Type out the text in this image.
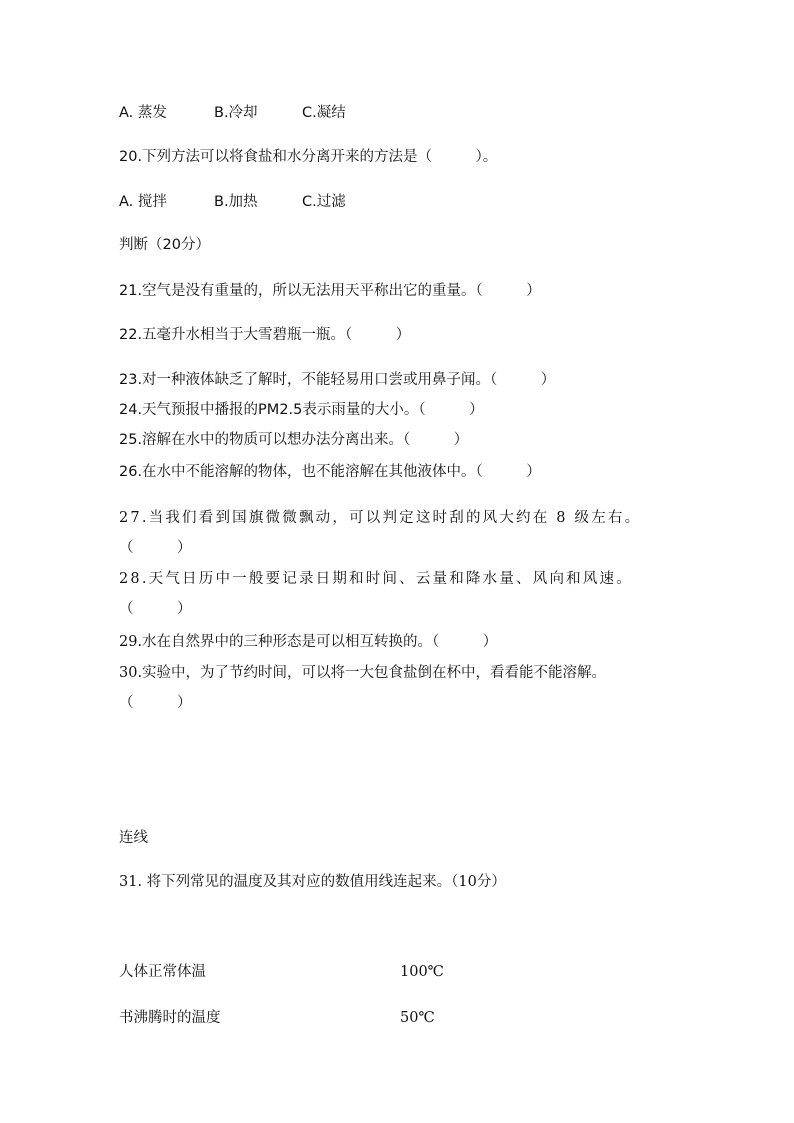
A. 蒸发	B.冷却	C.凝结
20.下列方法可以将食盐和水分离开来的方法是（　　　）。
A. 搅拌	B.加热	C.过滤
判断（20分）
21.空气是没有重量的，所以无法用天平称出它的重量。（　　　）
22.五毫升水相当于大雪碧瓶一瓶。（　　　）
23.对一种液体缺乏了解时，不能轻易用口尝或用鼻子闻。（　　　）
24.天气预报中播报的PM2.5表示雨量的大小。（　　　）
25.溶解在水中的物质可以想办法分离出来。（　　　）
26.在水中不能溶解的物体，也不能溶解在其他液体中。（　　　）
27.当我们看到国旗微微飘动，可以判定这时刮的风大约在 8 级左右。
（　　　）
28.天气日历中一般要记录日期和时间、云量和降水量、风向和风速。
（　　　）
29.水在自然界中的三种形态是可以相互转换的。（　　　）
30.实验中，为了节约时间，可以将一大包食盐倒在杯中，看看能不能溶解。
（　　　）
连线
31. 将下列常见的温度及其对应的数值用线连起来。（10分）
人体正常体温	100℃
书沸腾时的温度	50℃
